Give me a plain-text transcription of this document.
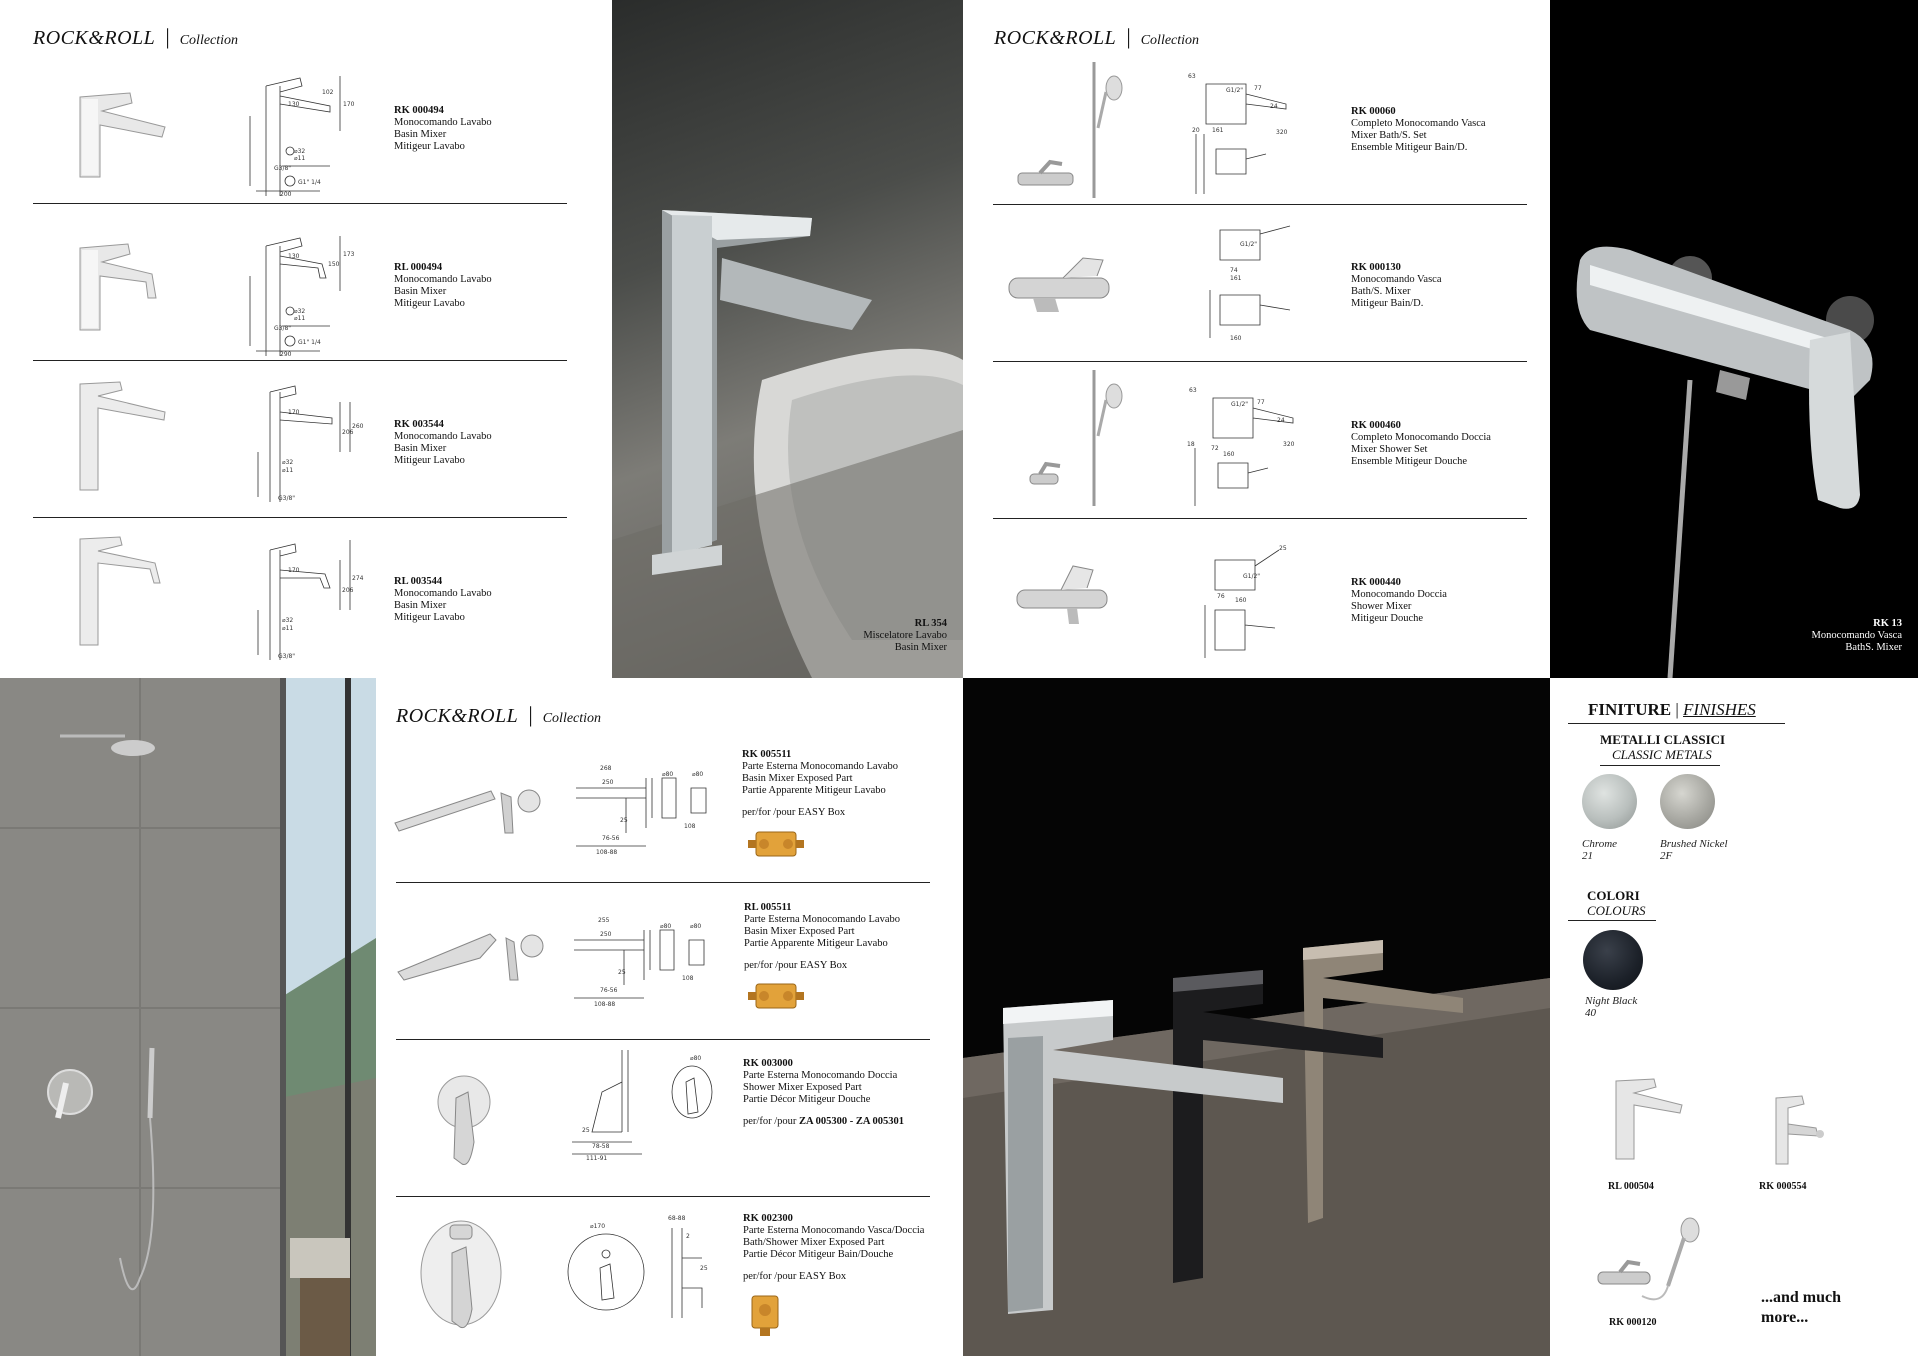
ROCK&ROLL | Collection
130
102
170
⌀32
⌀11
G3/8"
G1" 1/4
200
RK 000494
Monocomando Lavabo
Basin Mixer
Mitigeur Lavabo
130
150
173
⌀32
⌀11
G3/8"
G1" 1/4
290
RL 000494
Monocomando Lavabo
Basin Mixer
Mitigeur Lavabo
170
206
260
⌀32
⌀11
G3/8"
RK 003544
Monocomando Lavabo
Basin Mixer
Mitigeur Lavabo
170
206
274
⌀32
⌀11
G3/8"
RL 003544
Monocomando Lavabo
Basin Mixer
Mitigeur Lavabo
RL 354
Miscelatore Lavabo
Basin Mixer
ROCK&ROLL | Collection
63
77
24
161	320
G1/2"
20
RK 00060
Completo Monocomando Vasca
Mixer Bath/S. Set
Ensemble Mitigeur Bain/D.
74
161
160
G1/2"
RK 000130
Monocomando Vasca
Bath/S. Mixer
Mitigeur Bain/D.
63
77
24
72
320
G1/2"
18
160
RK 000460
Completo Monocomando Doccia
Mixer Shower Set
Ensemble Mitigeur Douche
76
160
G1/2"
25
RK 000440
Monocomando Doccia
Shower Mixer
Mitigeur Douche	RK 13
Monocomando Vasca
BathS. Mixer
ROCK&ROLL | Collection
268
250
⌀80	⌀80
76-56
108-88
108
25
RK 005511
Parte Esterna Monocomando Lavabo
Basin Mixer Exposed Part
Partie Apparente Mitigeur Lavabo
per/for /pour EASY Box
255
250
⌀80	⌀80
76-56
108-88
108
25
RL 005511
Parte Esterna Monocomando Lavabo
Basin Mixer Exposed Part
Partie Apparente Mitigeur Lavabo
per/for /pour EASY Box
⌀80
25
78-58
111-91
RK 003000
Parte Esterna Monocomando Doccia
Shower Mixer Exposed Part
Partie Décor Mitigeur Douche
per/for /pour ZA 005300 - ZA 005301
⌀170
68-88
2
25
RK 002300
Parte Esterna Monocomando Vasca/Doccia
Bath/Shower Mixer Exposed Part
Partie Décor Mitigeur Bain/Douche
per/for /pour EASY Box
FINITURE | FINISHES
METALLI CLASSICI
CLASSIC METALS
Chrome
21
Brushed Nickel
2F
COLORI
COLOURS
Night Black
40
RL 000504	RK 000554
RK 000120
...and much
more...
